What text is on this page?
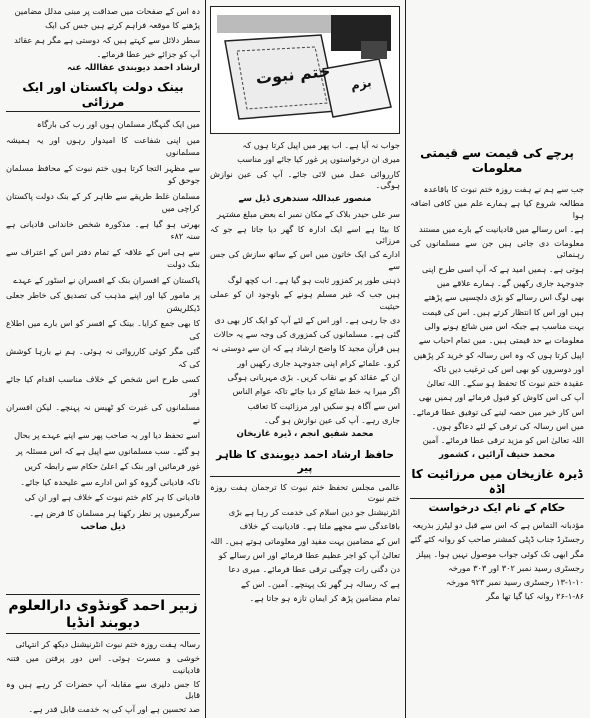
دہ اس کے صفحات میں صداقت پر مبنی مدلل مضامین

پڑھنے کا موقعہ فراہم کرتے ہیں جس کی ایک

سطر دلائل سے کہتے ہیں کہ دوستی ہے مگر ہم عقائد

آپ کو جزائے خیر عطا فرمائے۔

ارشاد احمد دیوبندی عفااللہ عنہ
بینک دولت پاکستان اور ایک مرزائی

میں ایک گنہگار مسلمان ہوں اور رب کی بارگاہ

میں اپنی شفاعت کا امیدوار رہوں اور یہ ہمیشہ مسلمانوں

سے مظہر التجا کرتا ہوں ختم نبوت کے محافظ مسلمان جوحق کو

مسلمان غلط طریقے سے ظاہر کر کے بنک دولت پاکستان کراچی میں

بھرتی ہو گیا ہے۔ مذکورہ شخص خاندانی قادیانی ہے سنہ ۸۲ء

سے ہی اس کے علاقہ کے تمام دفتر اس کے اعتراف سے بنک دولت

پاکستان کے افسران بنک کے افسران نے اسٹور کے عہدے

پر مامور کیا اور اپنے مذہب کی تصدیق کی خاطر جعلی ڈیکلریشن

کا بھی جمع کرایا۔ بینک کے افسر کو اس بارے میں اطلاع کی

گئی مگر کوئی کارروائی نہ ہوئی۔ ہم نے بارہا کوشش کی کہ

کسی طرح اس شخص کے خلاف مناسب اقدام کیا جائے اور

مسلمانوں کی غیرت کو ٹھیس نہ پہنچے۔ لیکن افسران نے

اسے تحفظ دیا اور یہ صاحب پھر سے اپنے عہدے پر بحال

ہو گئے۔ سب مسلمانوں سے اپیل ہے کہ اس مسئلہ پر

غور فرمائیں اور بنک کے اعلیٰ حکام سے رابطہ کریں

تاکہ قادیانی گروہ کو اس ادارے سے علیحدہ کیا جائے۔

قادیانی کا ہر کام ختم نبوت کے خلاف ہے اور ان کی

سرگرمیوں پر نظر رکھنا ہر مسلمان کا فرض ہے۔

ذیل صاحب
زبیر احمد گونڈوی دارالعلوم دیوبند انڈیا

رسالہ ہفت روزہ ختم نبوت انٹرنیشنل دیکھ کر انتہائی

خوشی و مسرت ہوئی۔ اس دور پرفتن میں فتنہ قادیانیت

کا جس دلیری سے مقابلہ آپ حضرات کر رہے ہیں وہ قابل

صد تحسین ہے اور آپ کی یہ خدمت قابل قدر ہے۔

ختم نبوت	بزم

جواب نہ آیا ہے۔ اب پھر میں اپیل کرتا ہوں کہ

میری ان درخواستوں پر غور کیا جائے اور مناسب

کارروائی عمل میں لائی جائے۔ آپ کی عین نوازش ہوگی۔

منصور عبداللہ سندھری ڈیل سے

سر علی حیدر بلاک کے مکان نمبر اے بعض مبلغ مشتہر

کا بیٹا ہے اسے ایک ادارہ کا گھر دیا جاتا ہے جو کہ مرزائی

ادارے کی ایک خاتون میں اس کے ساتھ سازش کی جس سے

ذہنی طور پر کمزور ثابت ہو گیا ہے۔ اب کچھ لوگ

ہیں جب کہ غیر مسلم ہونے کے باوجود ان کو عملی حیثیت

دی جا رہی ہے۔ اور اس کے لئے آپ کو ایک کار بھی دی

گئی ہے۔ مسلمانوں کی کمزوری کی وجہ سے یہ حالات

ہیں قرآن مجید کا واضح ارشاد ہے کہ ان سے دوستی نہ

کرو۔ علمائے کرام اپنی جدوجہد جاری رکھیں اور

ان کے عقائد کو بے نقاب کریں۔ بڑی مہربانی ہوگی

اگر میرا یہ خط شائع کر دیا جائے تاکہ عوام الناس

اس سے آگاہ ہو سکیں اور مرزائیت کا تعاقب

جاری رہے۔ آپ کی عین نوازش ہو گی۔

محمد شفیق انجم ، ڈیرہ غازیخان
حافظ ارشاد احمد دیوبندی کا ظاہر پیر

عالمی مجلس تحفظ ختم نبوت کا ترجمان ہفت روزہ ختم نبوت

انٹرنیشنل جو دین اسلام کی خدمت کر رہا ہے بڑی

باقاعدگی سے مجھے ملتا ہے۔ قادیانیت کے خلاف

اس کے مضامین بہت مفید اور معلوماتی ہوتے ہیں۔ اللہ

تعالیٰ آپ کو اجر عظیم عطا فرمائے اور اس رسالے کو

دن دگنی رات چوگنی ترقی عطا فرمائے۔ میری دعا

ہے کہ رسالہ ہر گھر تک پہنچے۔ آمین۔ اس کے

تمام مضامین پڑھ کر ایمان تازہ ہو جاتا ہے۔

پرچے کی قیمت سے قیمتی معلومات

جب سے ہم نے ہفت روزہ ختم نبوت کا باقاعدہ

مطالعہ شروع کیا ہے ہمارے علم میں کافی اضافہ ہوا

ہے۔ اس رسالے میں قادیانیت کے بارے میں مستند

معلومات دی جاتی ہیں جن سے مسلمانوں کی رہنمائی

ہوتی ہے۔ ہمیں امید ہے کہ آپ اسی طرح اپنی

جدوجہد جاری رکھیں گے۔ ہمارے علاقے میں

بھی لوگ اس رسالے کو بڑی دلچسپی سے پڑھتے

ہیں اور اس کا انتظار کرتے ہیں۔ اس کی قیمت

بہت مناسب ہے جبکہ اس میں شائع ہونے والی

معلومات بے حد قیمتی ہیں۔ میں تمام احباب سے

اپیل کرتا ہوں کہ وہ اس رسالہ کو خرید کر پڑھیں

اور دوسروں کو بھی اس کی ترغیب دیں تاکہ

عقیدہ ختم نبوت کا تحفظ ہو سکے۔ اللہ تعالیٰ

آپ کی اس کاوش کو قبول فرمائے اور ہمیں بھی

اس کار خیر میں حصہ لینے کی توفیق عطا فرمائے۔

میں اس رسالہ کی ترقی کے لئے دعاگو ہوں۔

اللہ تعالیٰ اس کو مزید ترقی عطا فرمائے۔ آمین

محمد حنیف آرائیں ، کشمور
ڈیرہ غازیخان میں مرزائیت کا اڈہ
حکام کے نام ایک درخواست

مؤدبانہ التماس ہے کہ اس سے قبل دو لیٹرز بذریعہ

رجسٹرڈ جناب ڈپٹی کمشنر صاحب کو روانہ کئے گئے

مگر ابھی تک کوئی جواب موصول نہیں ہوا۔ پیپلز

رجسٹری رسید نمبر ۳۰۲ اور ۳۰۳ مورخہ

۱۳-۱-۱۰ رجسٹری رسید نمبر ۹۲۳ مورخہ

۲۶-۱-۸۶ روانہ کیا گیا تھا مگر
